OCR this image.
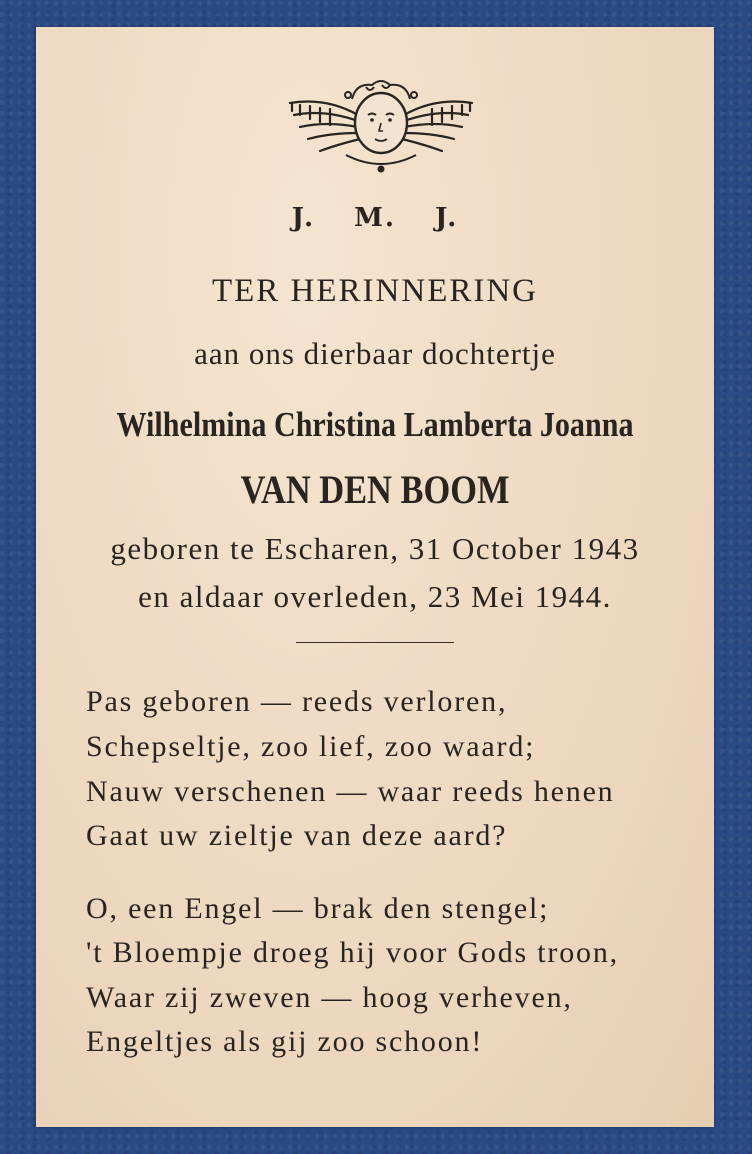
J. M. J.
TER HERINNERING
aan ons dierbaar dochtertje
Wilhelmina Christina Lamberta Joanna
VAN DEN BOOM
geboren te Escharen, 31 October 1943
en aldaar overleden, 23 Mei 1944.
Pas geboren — reeds verloren,
Schepseltje, zoo lief, zoo waard;
Nauw verschenen — waar reeds henen
Gaat uw zieltje van deze aard?
O, een Engel — brak den stengel;
't Bloempje droeg hij voor Gods troon,
Waar zij zweven — hoog verheven,
Engeltjes als gij zoo schoon!
